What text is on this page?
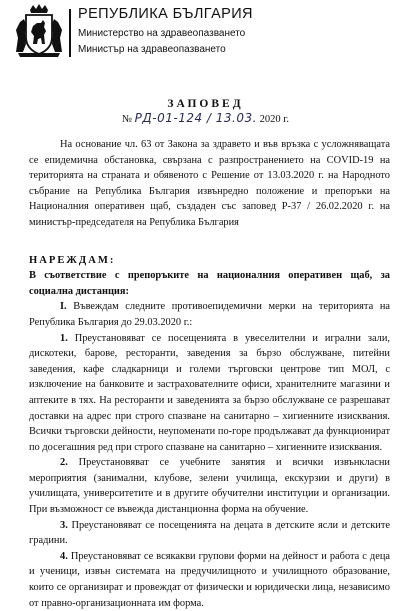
РЕПУБЛИКА БЪЛГАРИЯ
Министерство на здравеопазването
Министър на здравеопазването
ЗАПОВЕД
№ РД-01-124 / 13.03. 2020 г.

На основание чл. 63 от Закона за здравето и във връзка с усложняващата се епидемична обстановка, свързана с разпространението на COVID-19 на територията на страната и обявеното с Решение от 13.03.2020 г. на Народното събрание на Република България извънредно положение и препоръки на Националния оперативен щаб, създаден със заповед Р-37 / 26.02.2020 г. на министър-председателя на Република България

НАРЕЖДАМ:

В съответствие с препоръките на националния оперативен щаб, за социална дистанция:

I. Въвеждам следните противоепидемични мерки на територията на Република България до 29.03.2020 г.:

1. Преустановяват се посещенията в увеселителни и игрални зали, дискотеки, барове, ресторанти, заведения за бързо обслужване, питейни заведения, кафе сладкарници и големи търговски центрове тип МОЛ, с изключение на банковите и застрахователните офиси, хранителните магазини и аптеките в тях. На ресторанти и заведенията за бързо обслужване се разрешават доставки на адрес при строго спазване на санитарно – хигиенните изисквания. Всички търговски дейности, неупоменати по-горе продължават да функционират по досегашния ред при строго спазване на санитарно – хигиенните изисквания.

2. Преустановяват се учебните занятия и всички извънкласни мероприятия (занимални, клубове, зелени училища, екскурзии и други) в училищата, университетите и в другите обучителни институции и организации. При възможност се въвежда дистанционна форма на обучение.

3. Преустановяват се посещенията на децата в детските ясли и детските градини.

4. Преустановяват се всякакви групови форми на дейност и работа с деца и ученици, извън системата на предучилищното и училищното образование, които се организират и провеждат от физически и юридически лица, независимо от правно-организационната им форма.
